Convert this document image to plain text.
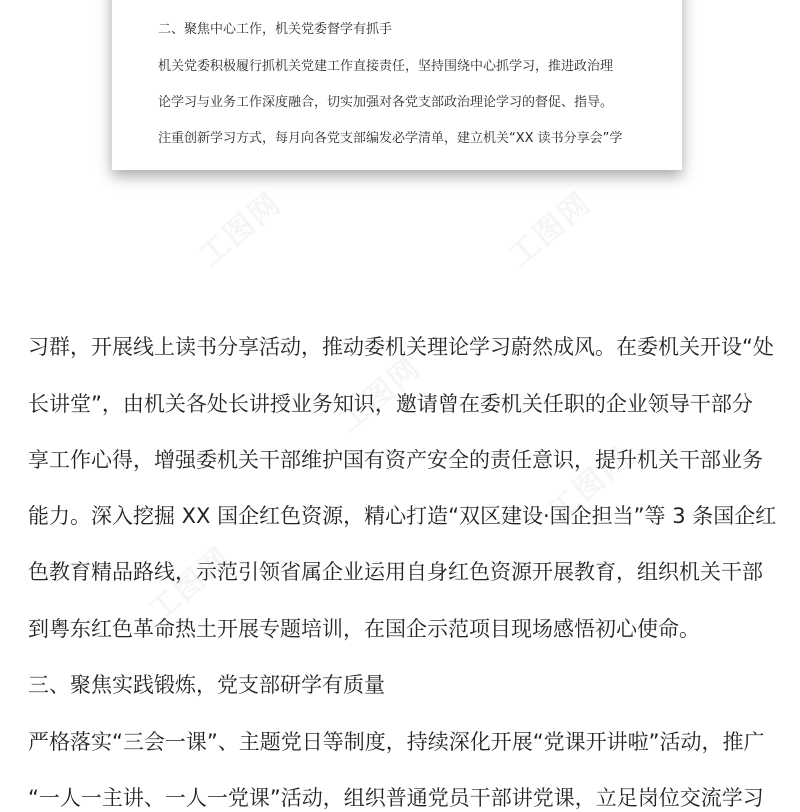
二、聚焦中心工作，机关党委督学有抓手

机关党委积极履行抓机关党建工作直接责任，坚持围绕中心抓学习，推进政治理

论学习与业务工作深度融合，切实加强对各党支部政治理论学习的督促、指导。

注重创新学习方式，每月向各党支部编发必学清单，建立机关“XX 读书分享会”学

工图网	工图网
工图网
工图网
工图网

习群，开展线上读书分享活动，推动委机关理论学习蔚然成风。在委机关开设“处

长讲堂”，由机关各处长讲授业务知识，邀请曾在委机关任职的企业领导干部分

享工作心得，增强委机关干部维护国有资产安全的责任意识，提升机关干部业务

能力。深入挖掘 XX 国企红色资源，精心打造“双区建设·国企担当”等 3 条国企红

色教育精品路线，示范引领省属企业运用自身红色资源开展教育，组织机关干部

到粤东红色革命热土开展专题培训，在国企示范项目现场感悟初心使命。

三、聚焦实践锻炼，党支部研学有质量

严格落实“三会一课”、主题党日等制度，持续深化开展“党课开讲啦”活动，推广

“一人一主讲、一人一党课”活动，组织普通党员干部讲党课，立足岗位交流学习
